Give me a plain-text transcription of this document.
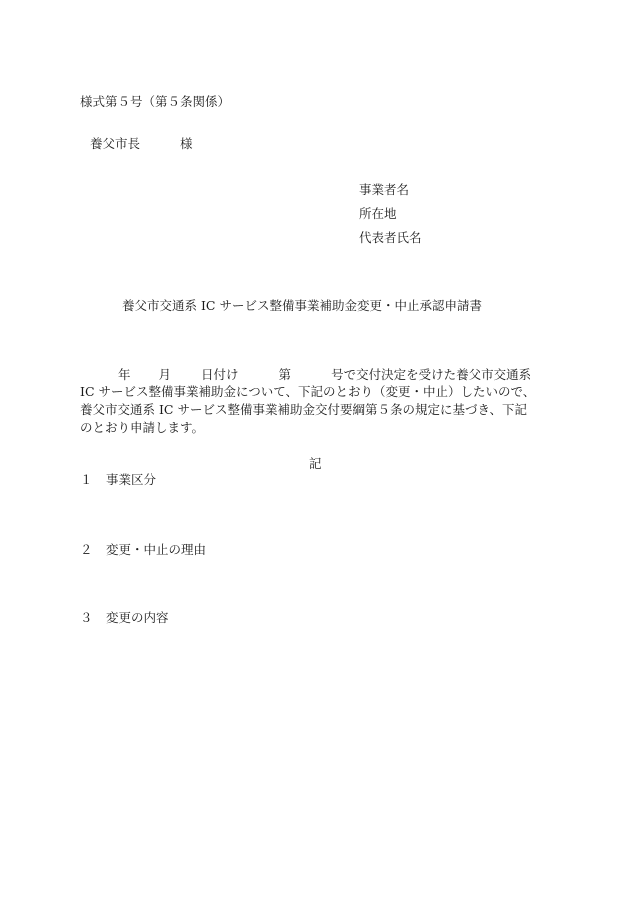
様式第５号（第５条関係）
養父市長	様
事業者名
所在地
代表者氏名
養父市交通系 IC サービス整備事業補助金変更・中止承認申請書
年 月 日付け	第	号で交付決定を受けた養父市交通系
IC サービス整備事業補助金について、下記のとおり（変更・中止）したいので、
養父市交通系 IC サービス整備事業補助金交付要綱第５条の規定に基づき、下記
のとおり申請します。
記
１ 事業区分
２ 変更・中止の理由
３ 変更の内容
